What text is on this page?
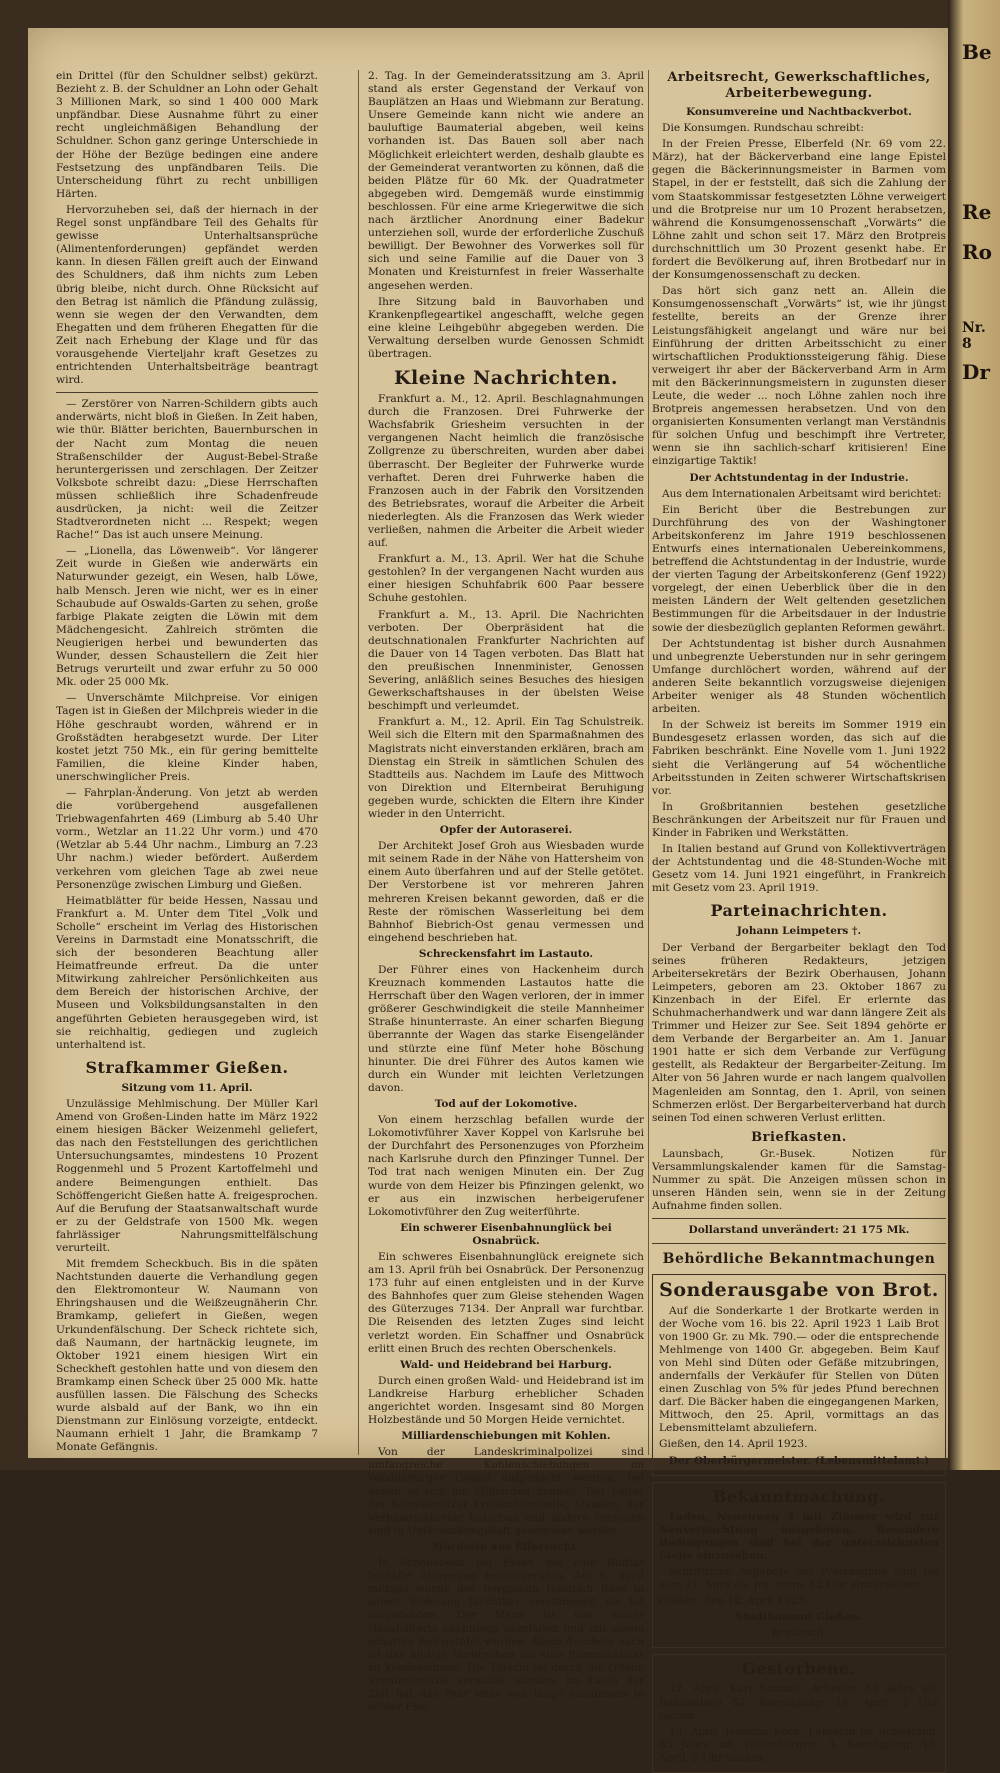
Be
Re
Ro
Nr. 8
Dr

ein Drittel (für den Schuldner selbst) gekürzt. Bezieht z. B. der Schuldner an Lohn oder Gehalt 3 Millionen Mark, so sind 1 400 000 Mark unpfändbar. Diese Ausnahme führt zu einer recht ungleichmäßigen Behandlung der Schuldner. Schon ganz geringe Unterschiede in der Höhe der Bezüge bedingen eine andere Festsetzung des unpfändbaren Teils. Die Unterscheidung führt zu recht unbilligen Härten.

Hervorzuheben sei, daß der hiernach in der Regel sonst unpfändbare Teil des Gehalts für gewisse Unterhaltsansprüche (Alimentenforderungen) gepfändet werden kann. In diesen Fällen greift auch der Einwand des Schuldners, daß ihm nichts zum Leben übrig bleibe, nicht durch. Ohne Rücksicht auf den Betrag ist nämlich die Pfändung zulässig, wenn sie wegen der den Verwandten, dem Ehegatten und dem früheren Ehegatten für die Zeit nach Erhebung der Klage und für das vorausgehende Vierteljahr kraft Gesetzes zu entrichtenden Unterhaltsbeiträge beantragt wird.

— Zerstörer von Narren-Schildern gibts auch anderwärts, nicht bloß in Gießen. In Zeit haben, wie thür. Blätter berichten, Bauernburschen in der Nacht zum Montag die neuen Straßenschilder der August-Bebel-Straße heruntergerissen und zerschlagen. Der Zeitzer Volksbote schreibt dazu: „Diese Herrschaften müssen schließlich ihre Schadenfreude ausdrücken, ja nicht: weil die Zeitzer Stadtverordneten nicht ... Respekt; wegen Rache!“ Das ist auch unsere Meinung.

— „Lionella, das Löwenweib“. Vor längerer Zeit wurde in Gießen wie anderwärts ein Naturwunder gezeigt, ein Wesen, halb Löwe, halb Mensch. Jeren wie nicht, wer es in einer Schaubude auf Oswalds-Garten zu sehen, große farbige Plakate zeigten die Löwin mit dem Mädchengesicht. Zahlreich strömten die Neugierigen herbei und bewunderten das Wunder, dessen Schaustellern die Zeit hier Betrugs verurteilt und zwar erfuhr zu 50 000 Mk. oder 25 000 Mk.

— Unverschämte Milchpreise. Vor einigen Tagen ist in Gießen der Milchpreis wieder in die Höhe geschraubt worden, während er in Großstädten herabgesetzt wurde. Der Liter kostet jetzt 750 Mk., ein für gering bemittelte Familien, die kleine Kinder haben, unerschwinglicher Preis.

— Fahrplan-Änderung. Von jetzt ab werden die vorübergehend ausgefallenen Triebwagenfahrten 469 (Limburg ab 5.40 Uhr vorm., Wetzlar an 11.22 Uhr vorm.) und 470 (Wetzlar ab 5.44 Uhr nachm., Limburg an 7.23 Uhr nachm.) wieder befördert. Außerdem verkehren vom gleichen Tage ab zwei neue Personenzüge zwischen Limburg und Gießen.

Heimatblätter für beide Hessen, Nassau und Frankfurt a. M. Unter dem Titel „Volk und Scholle“ erscheint im Verlag des Historischen Vereins in Darmstadt eine Monatsschrift, die sich der besonderen Beachtung aller Heimatfreunde erfreut. Da die unter Mitwirkung zahlreicher Persönlichkeiten aus dem Bereich der historischen Archive, der Museen und Volksbildungsanstalten in den angeführten Gebieten herausgegeben wird, ist sie reichhaltig, gediegen und zugleich unterhaltend ist.

Strafkammer Gießen.
Sitzung vom 11. April.

Unzulässige Mehlmischung. Der Müller Karl Amend von Großen-Linden hatte im März 1922 einem hiesigen Bäcker Weizenmehl geliefert, das nach den Feststellungen des gerichtlichen Untersuchungsamtes, mindestens 10 Prozent Roggenmehl und 5 Prozent Kartoffelmehl und andere Beimengungen enthielt. Das Schöffengericht Gießen hatte A. freigesprochen. Auf die Berufung der Staatsanwaltschaft wurde er zu der Geldstrafe von 1500 Mk. wegen fahrlässiger Nahrungsmittelfälschung verurteilt.

Mit fremdem Scheckbuch. Bis in die späten Nachtstunden dauerte die Verhandlung gegen den Elektromonteur W. Naumann von Ehringshausen und die Weißzeugnäherin Chr. Bramkamp, geliefert in Gießen, wegen Urkundenfälschung. Der Scheck richtete sich, daß Naumann, der hartnäckig leugnete, im Oktober 1921 einem hiesigen Wirt ein Scheckheft gestohlen hatte und von diesem den Bramkamp einen Scheck über 25 000 Mk. hatte ausfüllen lassen. Die Fälschung des Schecks wurde alsbald auf der Bank, wo ihn ein Dienstmann zur Einlösung vorzeigte, entdeckt. Naumann erhielt 1 Jahr, die Bramkamp 7 Monate Gefängnis.

2. Tag. In der Gemeinderatssitzung am 3. April stand als erster Gegenstand der Verkauf von Bauplätzen an Haas und Wiebmann zur Beratung. Unsere Gemeinde kann nicht wie andere an bauluftige Baumaterial abgeben, weil keins vorhanden ist. Das Bauen soll aber nach Möglichkeit erleichtert werden, deshalb glaubte es der Gemeinderat verantworten zu können, daß die beiden Plätze für 60 Mk. der Quadratmeter abgegeben wird. Demgemäß wurde einstimmig beschlossen. Für eine arme Kriegerwitwe die sich nach ärztlicher Anordnung einer Badekur unterziehen soll, wurde der erforderliche Zuschuß bewilligt. Der Bewohner des Vorwerkes soll für sich und seine Familie auf die Dauer von 3 Monaten und Kreisturnfest in freier Wasserhalte angesehen werden.

Ihre Sitzung bald in Bauvorhaben und Krankenpflegeartikel angeschafft, welche gegen eine kleine Leihgebühr abgegeben werden. Die Verwaltung derselben wurde Genossen Schmidt übertragen.

Kleine Nachrichten.

Frankfurt a. M., 12. April. Beschlagnahmungen durch die Franzosen. Drei Fuhrwerke der Wachsfabrik Griesheim versuchten in der vergangenen Nacht heimlich die französische Zollgrenze zu überschreiten, wurden aber dabei überrascht. Der Begleiter der Fuhrwerke wurde verhaftet. Deren drei Fuhrwerke haben die Franzosen auch in der Fabrik den Vorsitzenden des Betriebsrates, worauf die Arbeiter die Arbeit niederlegten. Als die Franzosen das Werk wieder verließen, nahmen die Arbeiter die Arbeit wieder auf.

Frankfurt a. M., 13. April. Wer hat die Schuhe gestohlen? In der vergangenen Nacht wurden aus einer hiesigen Schuhfabrik 600 Paar bessere Schuhe gestohlen.

Frankfurt a. M., 13. April. Die Nachrichten verboten. Der Oberpräsident hat die deutschnationalen Frankfurter Nachrichten auf die Dauer von 14 Tagen verboten. Das Blatt hat den preußischen Innenminister, Genossen Severing, anläßlich seines Besuches des hiesigen Gewerkschaftshauses in der übelsten Weise beschimpft und verleumdet.

Frankfurt a. M., 12. April. Ein Tag Schulstreik. Weil sich die Eltern mit den Sparmaßnahmen des Magistrats nicht einverstanden erklären, brach am Dienstag ein Streik in sämtlichen Schulen des Stadtteils aus. Nachdem im Laufe des Mittwoch von Direktion und Elternbeirat Beruhigung gegeben wurde, schickten die Eltern ihre Kinder wieder in den Unterricht.

Opfer der Autoraserei.

Der Architekt Josef Groh aus Wiesbaden wurde mit seinem Rade in der Nähe von Hattersheim von einem Auto überfahren und auf der Stelle getötet. Der Verstorbene ist vor mehreren Jahren mehreren Kreisen bekannt geworden, daß er die Reste der römischen Wasserleitung bei dem Bahnhof Biebrich-Ost genau vermessen und eingehend beschrieben hat.

Schreckensfahrt im Lastauto.

Der Führer eines von Hackenheim durch Kreuznach kommenden Lastautos hatte die Herrschaft über den Wagen verloren, der in immer größerer Geschwindigkeit die steile Mannheimer Straße hinunterraste. An einer scharfen Biegung überrannte der Wagen das starke Eisengeländer und stürzte eine fünf Meter hohe Böschung hinunter. Die drei Führer des Autos kamen wie durch ein Wunder mit leichten Verletzungen davon.

Tod auf der Lokomotive.

Von einem herzschlag befallen wurde der Lokomotivführer Xaver Koppel von Karlsruhe bei der Durchfahrt des Personenzuges von Pforzheim nach Karlsruhe durch den Pfinzinger Tunnel. Der Tod trat nach wenigen Minuten ein. Der Zug wurde von dem Heizer bis Pfinzingen gelenkt, wo er aus ein inzwischen herbeigerufener Lokomotivführer den Zug weiterführte.

Ein schwerer Eisenbahnunglück bei Osnabrück.

Ein schweres Eisenbahnunglück ereignete sich am 13. April früh bei Osnabrück. Der Personenzug 173 fuhr auf einen entgleisten und in der Kurve des Bahnhofes quer zum Gleise stehenden Wagen des Güterzuges 7134. Der Anprall war furchtbar. Die Reisenden des letzten Zuges sind leicht verletzt worden. Ein Schaffner und Osnabrück erlitt einen Bruch des rechten Oberschenkels.

Wald- und Heidebrand bei Harburg.

Durch einen großen Wald- und Heidebrand ist im Landkreise Harburg erheblicher Schaden angerichtet worden. Insgesamt sind 80 Morgen Holzbestände und 50 Morgen Heide vernichtet.

Milliardenschiebungen mit Kohlen.

Von der Landeskriminalpolizei sind umfangreiche Kohlenschiebungen im Waldenburger Gebiet aufgedeckt worden, bei denen es sich um Milliarden handelt. Der Leiter der Schweidnitzer Kreiskohlenstelle, Maaßen, der Verbandssekretär Kutschan und andere Personen sind in Untersuchungshaft genommen worden.

Mörderin aus Eifersucht.

In Schonebeck bei Essen hat eine Bluttat lebhafte Aufregung hervorgerufen. Am 6. April mittags wurde der Bergmann Heinrich Böse in seiner Wohnung furchtbar verstümmelt als tot aufgefunden. Der Mann ist von seiner Haushälterin nächtlings überfallen und mit einem scharfen Beil getötet worden. Allem Anschein nach ist das blutige Verbrechen als eine Eifersuchtstat zu kennzeichnen. Die Täterin ist durch die Offene Kriminalpolizei verhaftet worden. Im Laufe der Zeit hat das Paar lebte seit lange zusammen in wilder Ehe.

Arbeitsrecht, Gewerkschaftliches, Arbeiterbewegung.
Konsumvereine und Nachtbackverbot.

Die Konsumgen. Rundschau schreibt:

In der Freien Presse, Elberfeld (Nr. 69 vom 22. März), hat der Bäckerverband eine lange Epistel gegen die Bäckerinnungsmeister in Barmen vom Stapel, in der er feststellt, daß sich die Zahlung der vom Staatskommissar festgesetzten Löhne verweigert und die Brotpreise nur um 10 Prozent herabsetzen, während die Konsumgenossenschaft „Vorwärts“ die Löhne zahlt und schon seit 17. März den Brotpreis durchschnittlich um 30 Prozent gesenkt habe. Er fordert die Bevölkerung auf, ihren Brotbedarf nur in der Konsumgenossenschaft zu decken.

Das hört sich ganz nett an. Allein die Konsumgenossenschaft „Vorwärts“ ist, wie ihr jüngst festellte, bereits an der Grenze ihrer Leistungsfähigkeit angelangt und wäre nur bei Einführung der dritten Arbeitsschicht zu einer wirtschaftlichen Produktionssteigerung fähig. Diese verweigert ihr aber der Bäckerverband Arm in Arm mit den Bäckerinnungsmeistern in zugunsten dieser Leute, die weder ... noch Löhne zahlen noch ihre Brotpreis angemessen herabsetzen. Und von den organisierten Konsumenten verlangt man Verständnis für solchen Unfug und beschimpft ihre Vertreter, wenn sie ihn sachlich-scharf kritisieren! Eine einzigartige Taktik!

Der Achtstundentag in der Industrie.

Aus dem Internationalen Arbeitsamt wird berichtet:

Ein Bericht über die Bestrebungen zur Durchführung des von der Washingtoner Arbeitskonferenz im Jahre 1919 beschlossenen Entwurfs eines internationalen Uebereinkommens, betreffend die Achtstundentag in der Industrie, wurde der vierten Tagung der Arbeitskonferenz (Genf 1922) vorgelegt, der einen Ueberblick über die in den meisten Ländern der Welt geltenden gesetzlichen Bestimmungen für die Arbeitsdauer in der Industrie sowie der diesbezüglich geplanten Reformen gewährt.

Der Achtstundentag ist bisher durch Ausnahmen und unbegrenzte Ueberstunden nur in sehr geringem Umfange durchlöchert worden, während auf der anderen Seite bekanntlich vorzugsweise diejenigen Arbeiter weniger als 48 Stunden wöchentlich arbeiten.

In der Schweiz ist bereits im Sommer 1919 ein Bundesgesetz erlassen worden, das sich auf die Fabriken beschränkt. Eine Novelle vom 1. Juni 1922 sieht die Verlängerung auf 54 wöchentliche Arbeitsstunden in Zeiten schwerer Wirtschaftskrisen vor.

In Großbritannien bestehen gesetzliche Beschränkungen der Arbeitszeit nur für Frauen und Kinder in Fabriken und Werkstätten.

In Italien bestand auf Grund von Kollektivverträgen der Achtstundentag und die 48-Stunden-Woche mit Gesetz vom 14. Juni 1921 eingeführt, in Frankreich mit Gesetz vom 23. April 1919.

Parteinachrichten.
Johann Leimpeters †.

Der Verband der Bergarbeiter beklagt den Tod seines früheren Redakteurs, jetzigen Arbeitersekretärs der Bezirk Oberhausen, Johann Leimpeters, geboren am 23. Oktober 1867 zu Kinzenbach in der Eifel. Er erlernte das Schuhmacherhandwerk und war dann längere Zeit als Trimmer und Heizer zur See. Seit 1894 gehörte er dem Verbande der Bergarbeiter an. Am 1. Januar 1901 hatte er sich dem Verbande zur Verfügung gestellt, als Redakteur der Bergarbeiter-Zeitung. Im Alter von 56 Jahren wurde er nach langem qualvollen Magenleiden am Sonntag, den 1. April, von seinen Schmerzen erlöst. Der Bergarbeiterverband hat durch seinen Tod einen schweren Verlust erlitten.

Briefkasten.

Launsbach, Gr.-Busek. Notizen für Versammlungskalender kamen für die Samstag-Nummer zu spät. Die Anzeigen müssen schon in unseren Händen sein, wenn sie in der Zeitung Aufnahme finden sollen.

Dollarstand unverändert: 21 175 Mk.
Behördliche Bekanntmachungen
Sonderausgabe von Brot.

Auf die Sonderkarte 1 der Brotkarte werden in der Woche vom 16. bis 22. April 1923 1 Laib Brot von 1900 Gr. zu Mk. 790.— oder die entsprechende Mehlmenge von 1400 Gr. abgegeben. Beim Kauf von Mehl sind Düten oder Gefäße mitzubringen, andernfalls der Verkäufer für Stellen von Düten einen Zuschlag von 5% für jedes Pfund berechnen darf. Die Bäcker haben die eingegangenen Marken, Mittwoch, den 25. April, vormittags an das Lebensmittelamt abzuliefern.

Gießen, den 14. April 1923.

Der Oberbürgermeister. (Lebensmittelamt.)

Bekanntmachung.

Laden, Neuenweg 4 mit Zimmer wird zur Neuverpachtung ausgeboten. Besondere Bedingungen sind bei der unterzeichneten Stelle einzusehen.

Schriftliche Angebote mit Preisangabe sind bis zum 21. April ds. Jrs. vorm. 12 Uhr einzureichen.

Gießen, den 12. April 1923.

Stadtbauamt Gießen.

Braubach.

Gestorbene.

12. April. Karl Schmitt, Arbeiter, 63 Jahre alt, Bahnanlage 52. Beerdigung: 16. April, 2 Uhr nachm.

13. April. Johanna Koch, Lehrerin im Ruhestand, 85 Jahre alt, Gutenbergstr. 3. Beerdigung: 16. April, 2 Uhr nachm.
